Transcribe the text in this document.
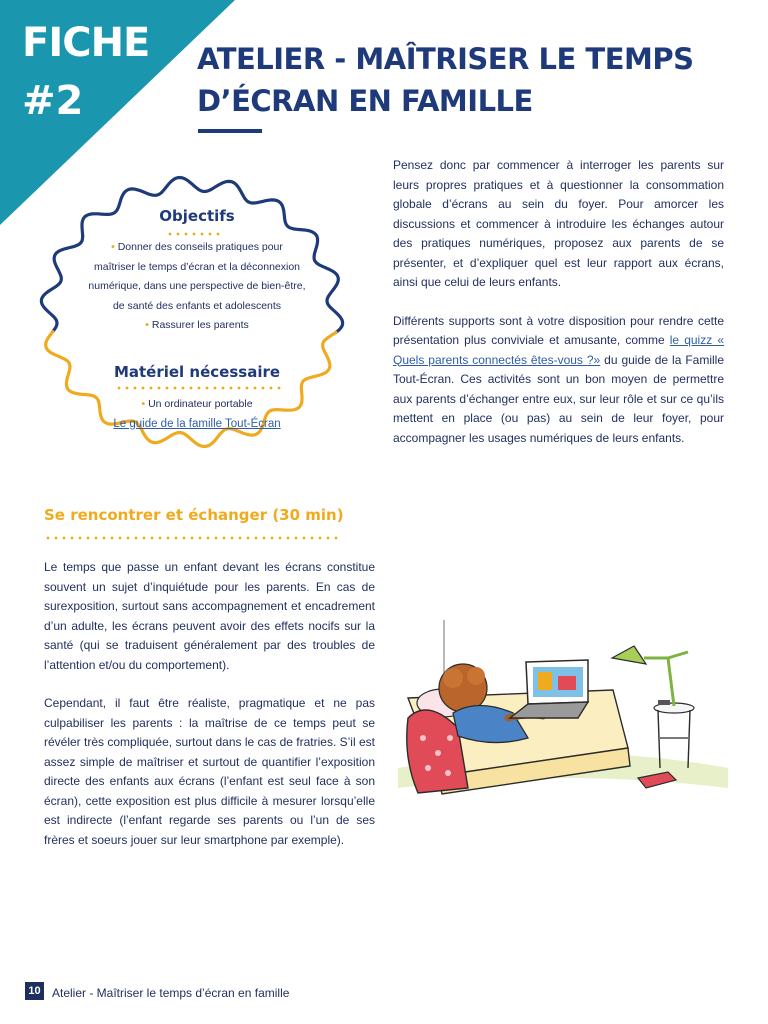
FICHE
#2
ATELIER - MAÎTRISER LE TEMPS D’ÉCRAN EN FAMILLE
Objectifs
• Donner des conseils pratiques pour
maîtriser le temps d’écran et la déconnexion
numérique, dans une perspective de bien-être,
de santé des enfants et adolescents
• Rassurer les parents
Matériel nécessaire
• Un ordinateur portable
Le guide de la famille Tout-Écran

Pensez donc par commencer à interroger les parents sur leurs propres pratiques et à questionner la consommation globale d’écrans au sein du foyer. Pour amorcer les discussions et commencer à introduire les échanges autour des pratiques numériques, proposez aux parents de se présenter, et d’expliquer quel est leur rapport aux écrans, ainsi que celui de leurs enfants.

Différents supports sont à votre disposition pour rendre cette présentation plus conviviale et amusante, comme le quizz « Quels parents connectés êtes-vous ?» du guide de la Famille Tout-Écran. Ces activités sont un bon moyen de permettre aux parents d’échanger entre eux, sur leur rôle et sur ce qu’ils mettent en place (ou pas) au sein de leur foyer, pour accompagner les usages numériques de leurs enfants.

Se rencontrer et échanger (30 min)

Le temps que passe un enfant devant les écrans constitue souvent un sujet d’inquiétude pour les parents. En cas de surexposition, surtout sans accompagnement et encadrement d’un adulte, les écrans peuvent avoir des effets nocifs sur la santé (qui se traduisent généralement par des troubles de l’attention et/ou du comportement).

Cependant, il faut être réaliste, pragmatique et ne pas culpabiliser les parents : la maîtrise de ce temps peut se révéler très compliquée, surtout dans le cas de fratries. S’il est assez simple de maîtriser et surtout de quantifier l’exposition directe des enfants aux écrans (l’enfant est seul face à son écran), cette exposition est plus difficile à mesurer lorsqu’elle est indirecte (l’enfant regarde ses parents ou l’un de ses frères et soeurs jouer sur leur smartphone par exemple).

10 Atelier - Maîtriser le temps d’écran en famille
